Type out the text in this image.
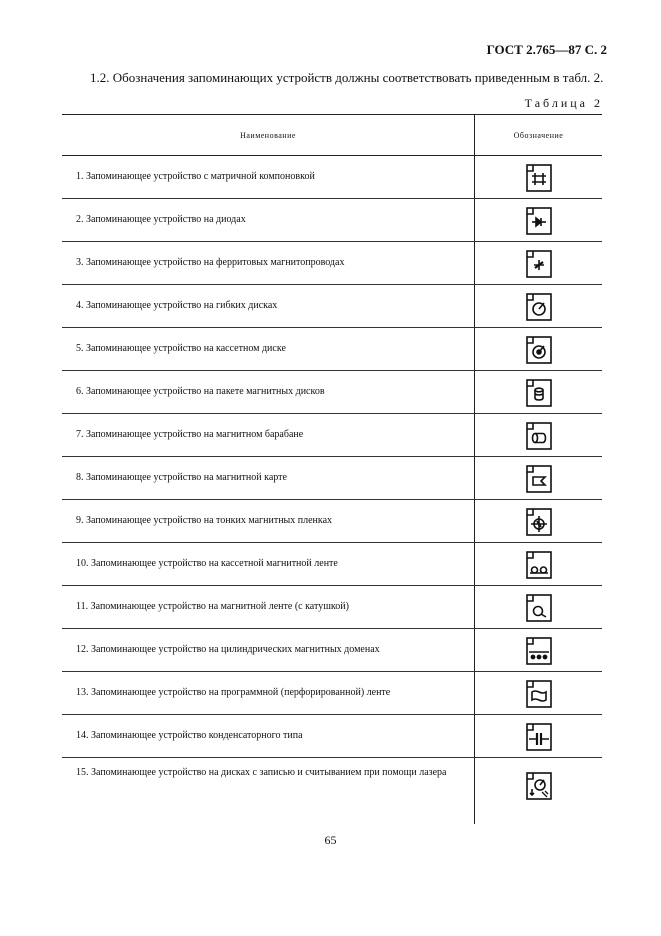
ГОСТ 2.765—87 С. 2
1.2. Обозначения запоминающих устройств должны соответствовать приведенным в табл. 2.
Таблица 2
Наименование	Обозначение
1. Запоминающее устройство с матричной компоновкой	

2. Запоминающее устройство на диодах	

3. Запоминающее устройство на ферритовых магнитопроводах	

4. Запоминающее устройство на гибких дисках	

5. Запоминающее устройство на кассетном диске	

6. Запоминающее устройство на пакете магнитных дисков	

7. Запоминающее устройство на магнитном барабане	

8. Запоминающее устройство на магнитной карте	

9. Запоминающее устройство на тонких магнитных пленках	

10. Запоминающее устройство на кассетной магнитной ленте	

11. Запоминающее устройство на магнитной ленте (с катушкой)	

12. Запоминающее устройство на цилиндрических магнитных доменах	

13. Запоминающее устройство на программной (перфорированной) ленте	

14. Запоминающее устройство конденсаторного типа	

15. Запоминающее устройство на дисках с записью и считыванием при помощи лазера	
65
